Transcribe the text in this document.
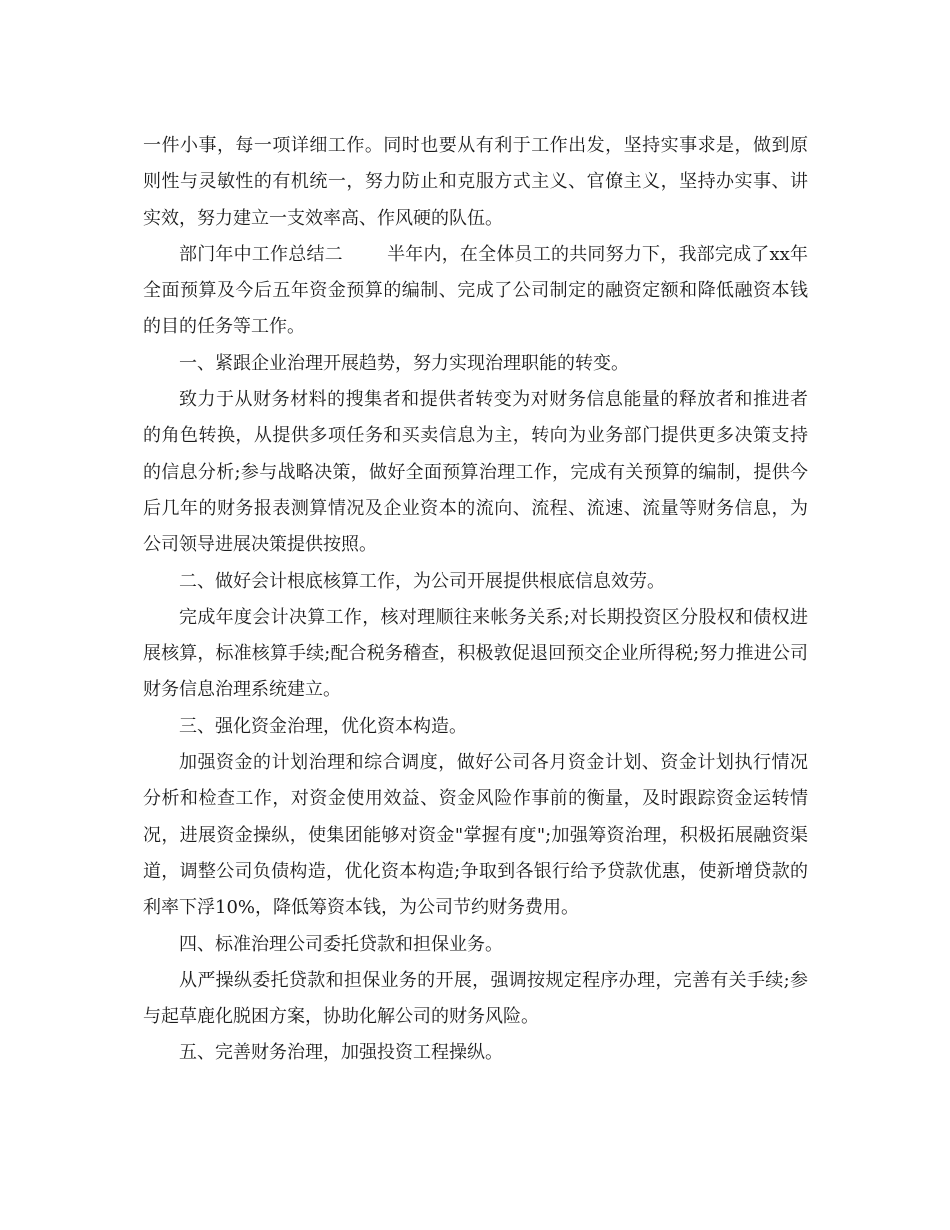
一件小事，每一项详细工作。同时也要从有利于工作出发，坚持实事求是，做到原则性与灵敏性的有机统一，努力防止和克服方式主义、官僚主义，坚持办实事、讲实效，努力建立一支效率高、作风硬的队伍。

部门年中工作总结二 半年内，在全体员工的共同努力下，我部完成了xx年全面预算及今后五年资金预算的编制、完成了公司制定的融资定额和降低融资本钱的目的任务等工作。

一、紧跟企业治理开展趋势，努力实现治理职能的转变。

致力于从财务材料的搜集者和提供者转变为对财务信息能量的释放者和推进者的角色转换，从提供多项任务和买卖信息为主，转向为业务部门提供更多决策支持的信息分析;参与战略决策，做好全面预算治理工作，完成有关预算的编制，提供今后几年的财务报表测算情况及企业资本的流向、流程、流速、流量等财务信息，为公司领导进展决策提供按照。

二、做好会计根底核算工作，为公司开展提供根底信息效劳。

完成年度会计决算工作，核对理顺往来帐务关系;对长期投资区分股权和债权进展核算，标准核算手续;配合税务稽查，积极敦促退回预交企业所得税;努力推进公司财务信息治理系统建立。

三、强化资金治理，优化资本构造。

加强资金的计划治理和综合调度，做好公司各月资金计划、资金计划执行情况分析和检查工作，对资金使用效益、资金风险作事前的衡量，及时跟踪资金运转情况，进展资金操纵，使集团能够对资金"掌握有度";加强筹资治理，积极拓展融资渠道，调整公司负债构造，优化资本构造;争取到各银行给予贷款优惠，使新增贷款的利率下浮10%，降低筹资本钱，为公司节约财务费用。

四、标准治理公司委托贷款和担保业务。

从严操纵委托贷款和担保业务的开展，强调按规定程序办理，完善有关手续;参与起草鹿化脱困方案，协助化解公司的财务风险。

五、完善财务治理，加强投资工程操纵。
